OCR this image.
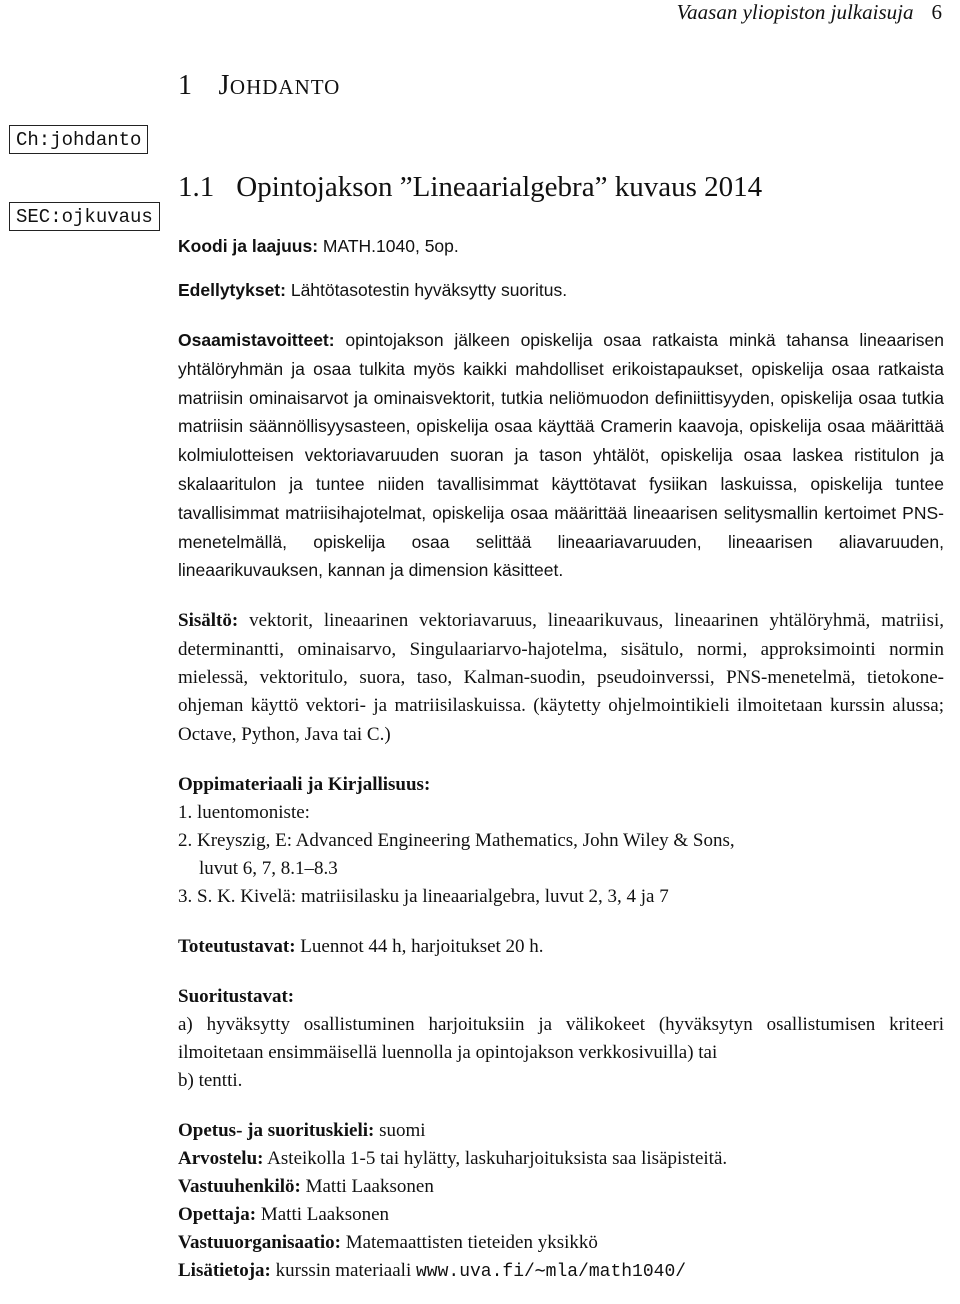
Vaasan yliopiston julkaisuja 6
1 JOHDANTO
Ch:johdanto
1.1 Opintojakson ”Lineaarialgebra” kuvaus 2014
SEC:ojkuvaus

Koodi ja laajuus: MATH.1040, 5op.

Edellytykset: Lähtötasotestin hyväksytty suoritus.

Osaamistavoitteet: opintojakson jälkeen opiskelija osaa ratkaista minkä tahansa lineaarisen yhtälöryhmän ja osaa tulkita myös kaikki mahdolliset erikoistapaukset, opiskelija osaa ratkaista matriisin ominaisarvot ja ominaisvektorit, tutkia neliömuodon definiittisyyden, opiskelija osaa tutkia matriisin säännöllisyysasteen, opiskelija osaa käyttää Cramerin kaavoja, opiskelija osaa määrittää kolmiulotteisen vektoriavaruuden suoran ja tason yhtälöt, opiskelija osaa laskea ristitulon ja skalaaritulon ja tuntee niiden tavallisimmat käyttötavat fysiikan laskuissa, opiskelija tuntee tavallisimmat matriisihajotelmat, opiskelija osaa määrittää lineaarisen selitysmallin kertoimet PNS-menetelmällä, opiskelija osaa selittää lineaariavaruuden, lineaarisen aliavaruuden, lineaarikuvauksen, kannan ja dimension käsitteet.

Sisältö: vektorit, lineaarinen vektoriavaruus, lineaarikuvaus, lineaarinen yhtälöryhmä, matriisi, determinantti, ominaisarvo, Singulaariarvo-hajotelma, sisätulo, normi, approksimointi normin mielessä, vektoritulo, suora, taso, Kalman-suodin, pseudoinverssi, PNS-menetelmä, tietokone-ohjeman käyttö vektori- ja matriisilaskuissa. (käytetty ohjelmointikieli ilmoitetaan kurssin alussa; Octave, Python, Java tai C.)

Oppimateriaali ja Kirjallisuus:
1. luentomoniste:
2. Kreyszig, E: Advanced Engineering Mathematics, John Wiley & Sons,
luvut 6, 7, 8.1–8.3
3. S. K. Kivelä: matriisilasku ja lineaarialgebra, luvut 2, 3, 4 ja 7

Toteutustavat: Luennot 44 h, harjoitukset 20 h.

Suoritustavat:

a) hyväksytty osallistuminen harjoituksiin ja välikokeet (hyväksytyn osallistumisen kriteeri ilmoitetaan ensimmäisellä luennolla ja opintojakson verkkosivuilla) tai

b) tentti.
Opetus- ja suorituskieli: suomi
Arvostelu: Asteikolla 1-5 tai hylätty, laskuharjoituksista saa lisäpisteitä.
Vastuuhenkilö: Matti Laaksonen
Opettaja: Matti Laaksonen
Vastuuorganisaatio: Matemaattisten tieteiden yksikkö
Lisätietoja: kurssin materiaali www.uva.fi/∼mla/math1040/
